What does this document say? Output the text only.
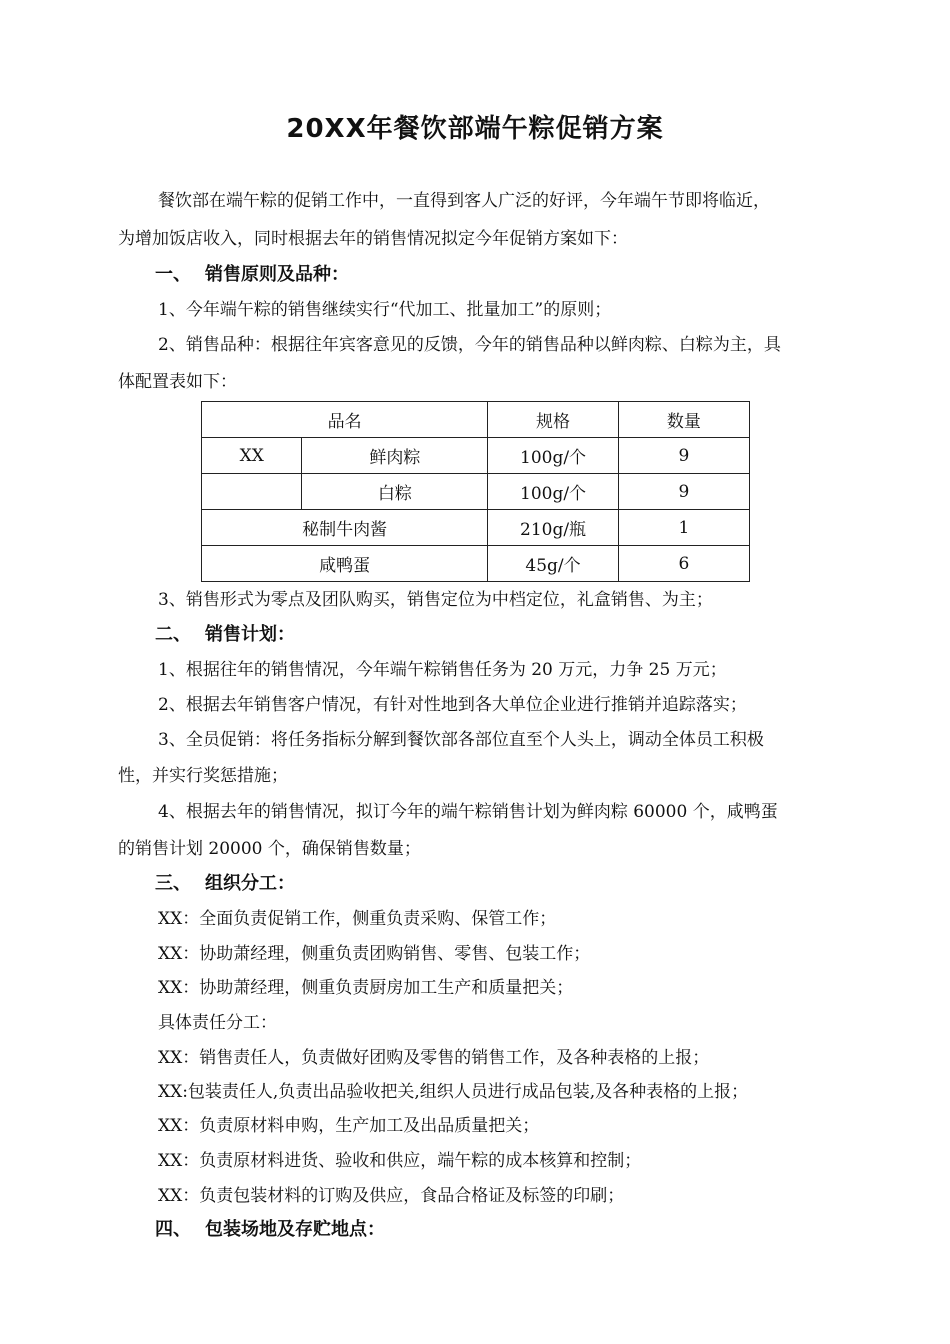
20XX年餐饮部端午粽促销方案
餐饮部在端午粽的促销工作中，一直得到客人广泛的好评，今年端午节即将临近，
为增加饭店收入，同时根据去年的销售情况拟定今年促销方案如下：
一、 销售原则及品种：
1、今年端午粽的销售继续实行“代加工、批量加工”的原则；
2、销售品种：根据往年宾客意见的反馈，今年的销售品种以鲜肉粽、白粽为主，具
体配置表如下：
品名		规格	数量
XX	鲜肉粽	100g/个	9
	白粽	100g/个	9
秘制牛肉酱		210g/瓶	1
咸鸭蛋		45g/个	6
3、销售形式为零点及团队购买，销售定位为中档定位，礼盒销售、为主；
二、 销售计划：
1、根据往年的销售情况，今年端午粽销售任务为 20 万元，力争 25 万元；
2、根据去年销售客户情况，有针对性地到各大单位企业进行推销并追踪落实；
3、全员促销：将任务指标分解到餐饮部各部位直至个人头上，调动全体员工积极
性，并实行奖惩措施；
4、根据去年的销售情况，拟订今年的端午粽销售计划为鲜肉粽 60000 个，咸鸭蛋
的销售计划 20000 个，确保销售数量；
三、 组织分工：
XX：全面负责促销工作，侧重负责采购、保管工作；
XX：协助萧经理，侧重负责团购销售、零售、包装工作；
XX：协助萧经理，侧重负责厨房加工生产和质量把关；
具体责任分工：
XX：销售责任人，负责做好团购及零售的销售工作，及各种表格的上报；
XX:包装责任人,负责出品验收把关,组织人员进行成品包装,及各种表格的上报；
XX：负责原材料申购，生产加工及出品质量把关；
XX：负责原材料进货、验收和供应，端午粽的成本核算和控制；
XX：负责包装材料的订购及供应，食品合格证及标签的印刷；
四、 包装场地及存贮地点：
